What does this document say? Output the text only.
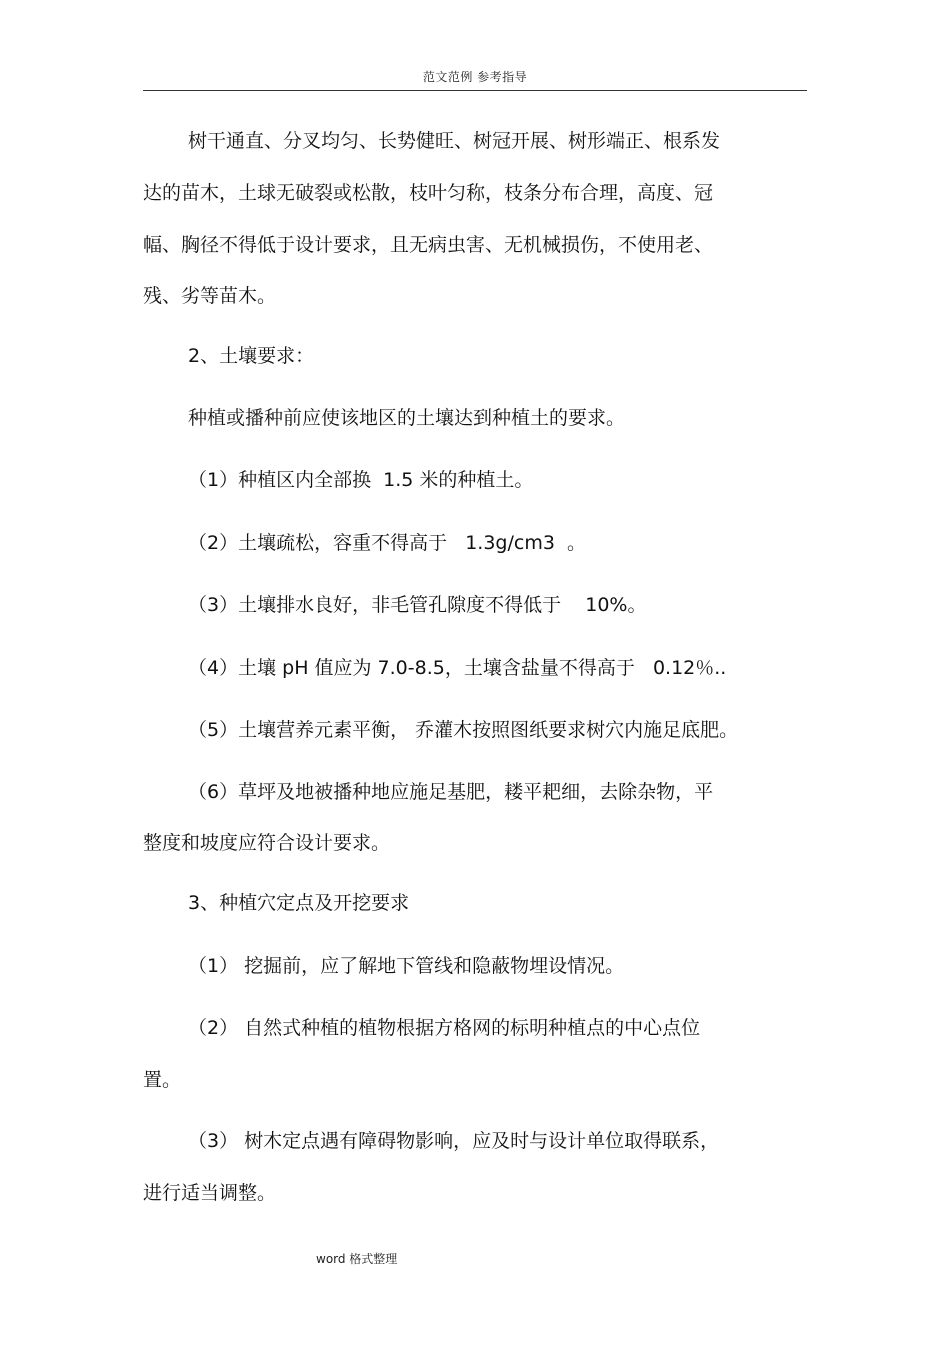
范文范例 参考指导
树干通直、分叉均匀、长势健旺、树冠开展、树形端正、根系发
达的苗木，土球无破裂或松散，枝叶匀称，枝条分布合理，高度、冠
幅、胸径不得低于设计要求，且无病虫害、无机械损伤，不使用老、
残、劣等苗木。
2、土壤要求：
种植或播种前应使该地区的土壤达到种植土的要求。
（1）种植区内全部换  1.5 米的种植土。
（2）土壤疏松，容重不得高于   1.3g/cm3  。
（3）土壤排水良好，非毛管孔隙度不得低于    10%。
（4）土壤 pH 值应为 7.0-8.5，土壤含盐量不得高于   0.12％..
（5）土壤营养元素平衡， 乔灌木按照图纸要求树穴内施足底肥。
（6）草坪及地被播种地应施足基肥，耧平耙细，去除杂物，平
整度和坡度应符合设计要求。
3、种植穴定点及开挖要求
（1） 挖掘前，应了解地下管线和隐蔽物埋设情况。
（2） 自然式种植的植物根据方格网的标明种植点的中心点位
置。
（3） 树木定点遇有障碍物影响，应及时与设计单位取得联系，
进行适当调整。
word 格式整理
